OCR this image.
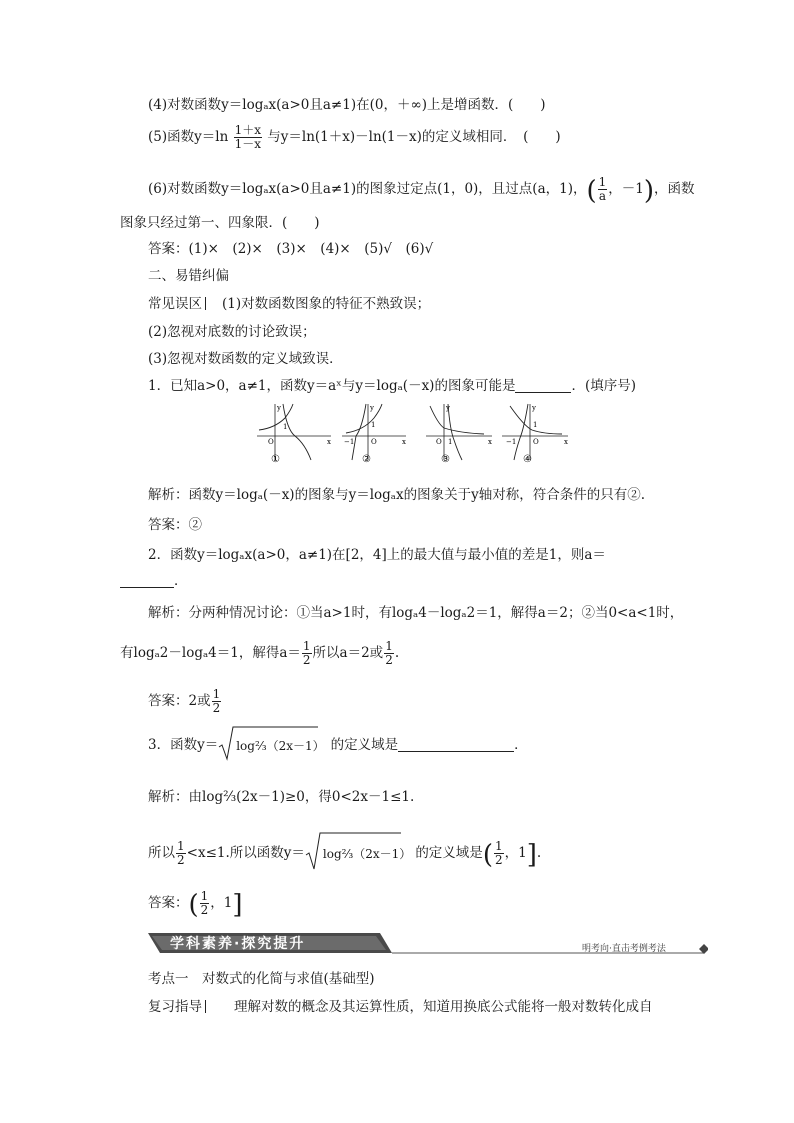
(4)对数函数y＝logₐx(a>0且a≠1)在(0，＋∞)上是增函数．(　　)
(5)函数$y=\ln \frac{1+x}{1-x}$ 与y＝ln(1＋x)－ln(1－x)的定义域相同．　(　　)
(6)对数函数y＝logₐx(a>0且a≠1)的图象过定点(1，0)，且过点(a，1)，( $\frac{1}{a}$ ，－1)，函数
图象只经过第一、四象限．(　　)
答案：(1)×　(2)×　(3)×　(4)×　(5)√　(6)√
二、易错纠偏
常见误区 (1)对数函数图象的特征不熟致误；
(2)忽视对底数的讨论致误；
(3)忽视对数函数的定义域致误．
1．已知a>0，a≠1，函数y＝aˣ与y＝logₐ(－x)的图象可能是	．(填序号)
y
x
O
1
①
y
x
O
−1
1
②
y
x
O 1
③
y
x
O
−1
1
④
解析：函数y＝logₐ(－x)的图象与y＝logₐx的图象关于y轴对称，符合条件的只有②.
答案：②
2．函数y＝logₐx(a>0，a≠1)在[2，4]上的最大值与最小值的差是1，则a＝
．
解析：分两种情况讨论：①当a>1时，有logₐ4－logₐ2＝1，解得a＝2；②当0<a<1时，
有logₐ2－logₐ4＝1，解得$a= \frac{1}{2}$ 所以a＝2或 $\frac{1}{2}$ .
答案：2或 $\frac{1}{2}$
3．函数y＝ log⅔（2x－1） 的定义域是	．
解析：由log⅔(2x－1)≥0，得0<2x－1≤1.
所以 $\frac{1}{2} <x\le 1$.所以函数y＝ log⅔（2x－1） 的定义域是( $\frac{1}{2}$ ，1].
答案：( $\frac{1}{2}$ ，1]
学科素养·探究提升	明考向·直击考例考法
考点一　对数式的化简与求值(基础型)
复习指导 理解对数的概念及其运算性质，知道用换底公式能将一般对数转化成自
